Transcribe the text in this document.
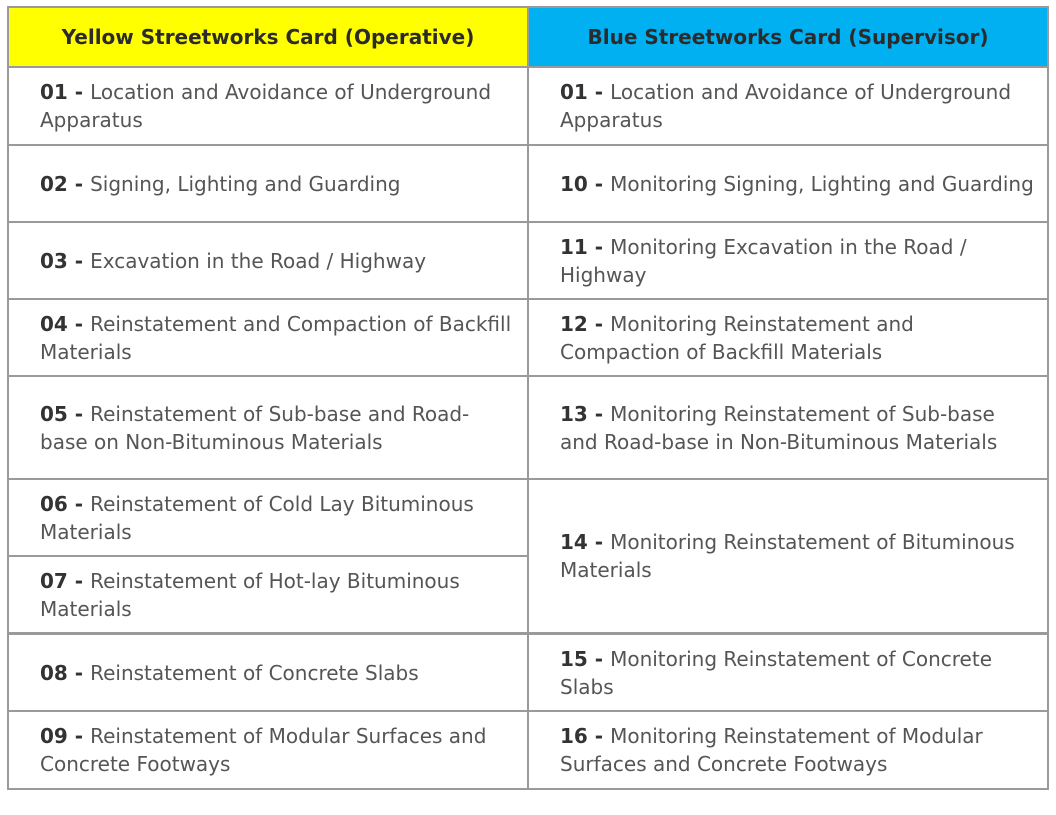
Yellow Streetworks Card (Operative)	Blue Streetworks Card (Supervisor)
01 - Location and Avoidance of Underground Apparatus	01 - Location and Avoidance of Underground Apparatus
02 - Signing, Lighting and Guarding	10 - Monitoring Signing, Lighting and Guarding
03 - Excavation in the Road / Highway	11 - Monitoring Excavation in the Road / Highway
04 - Reinstatement and Compaction of Backfill Materials	12 - Monitoring Reinstatement and Compaction of Backfill Materials
05 - Reinstatement of Sub-base and Road-base on Non-Bituminous Materials	13 - Monitoring Reinstatement of Sub-base and Road-base in Non-Bituminous Materials
06 - Reinstatement of Cold Lay Bituminous Materials	14 - Monitoring Reinstatement of Bituminous Materials
07 - Reinstatement of Hot-lay Bituminous Materials	
08 - Reinstatement of Concrete Slabs	15 - Monitoring Reinstatement of Concrete Slabs
09 - Reinstatement of Modular Surfaces and Concrete Footways	16 - Monitoring Reinstatement of Modular Surfaces and Concrete Footways
